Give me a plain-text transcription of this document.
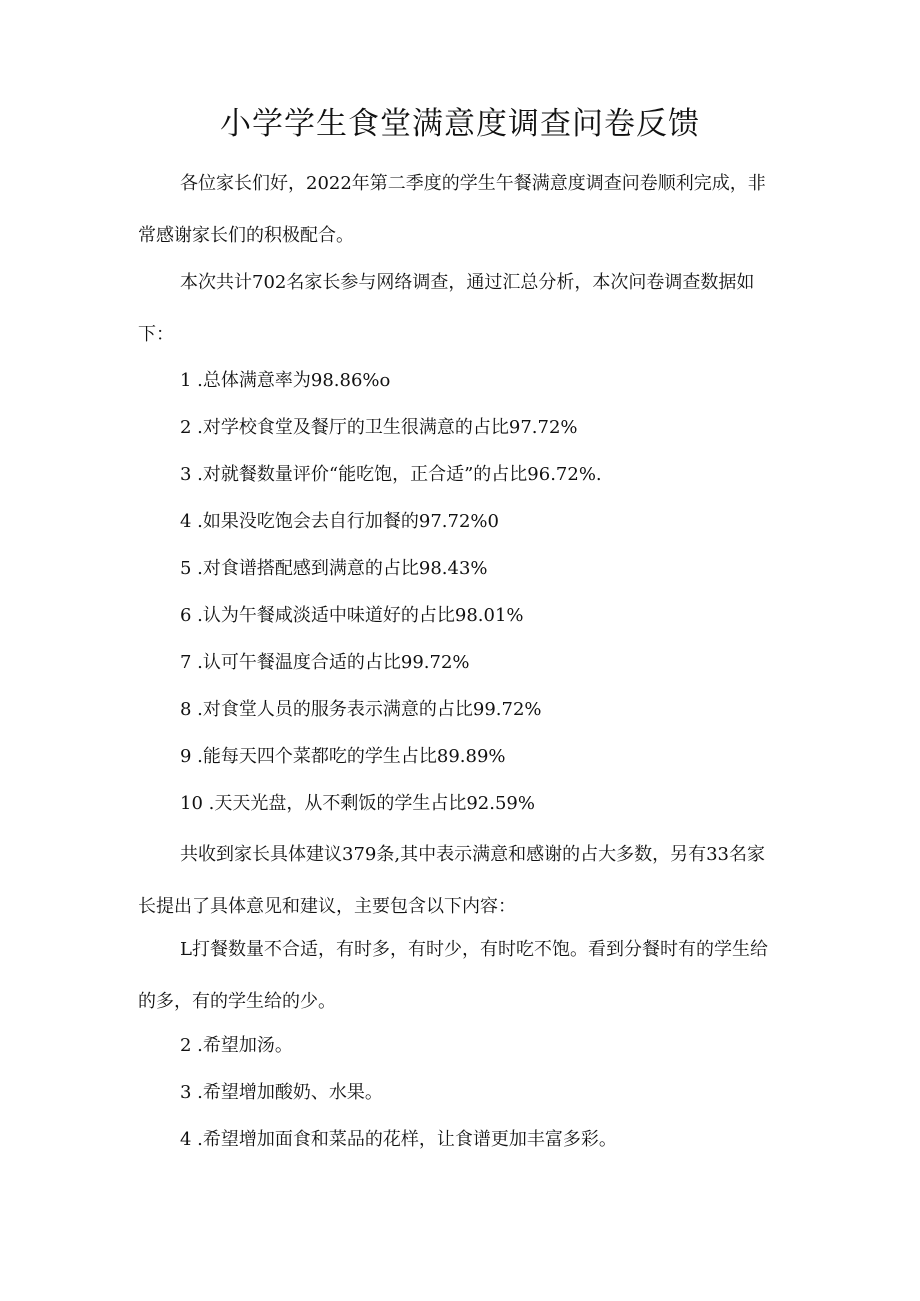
小学学生食堂满意度调查问卷反馈

各位家长们好，2022年第二季度的学生午餐满意度调查问卷顺利完成，非常感谢家长们的积极配合。

本次共计702名家长参与网络调查，通过汇总分析，本次问卷调查数据如下：

1 .总体满意率为98.86%o

2 .对学校食堂及餐厅的卫生很满意的占比97.72%

3 .对就餐数量评价“能吃饱，正合适”的占比96.72%.

4 .如果没吃饱会去自行加餐的97.72%0

5 .对食谱搭配感到满意的占比98.43%

6 .认为午餐咸淡适中味道好的占比98.01%

7 .认可午餐温度合适的占比99.72%

8 .对食堂人员的服务表示满意的占比99.72%

9 .能每天四个菜都吃的学生占比89.89%

10 .天天光盘，从不剩饭的学生占比92.59%

共收到家长具体建议379条,其中表示满意和感谢的占大多数，另有33名家长提出了具体意见和建议，主要包含以下内容：

L打餐数量不合适，有时多，有时少，有时吃不饱。看到分餐时有的学生给的多，有的学生给的少。

2 .希望加汤。

3 .希望增加酸奶、水果。

4 .希望增加面食和菜品的花样，让食谱更加丰富多彩。
